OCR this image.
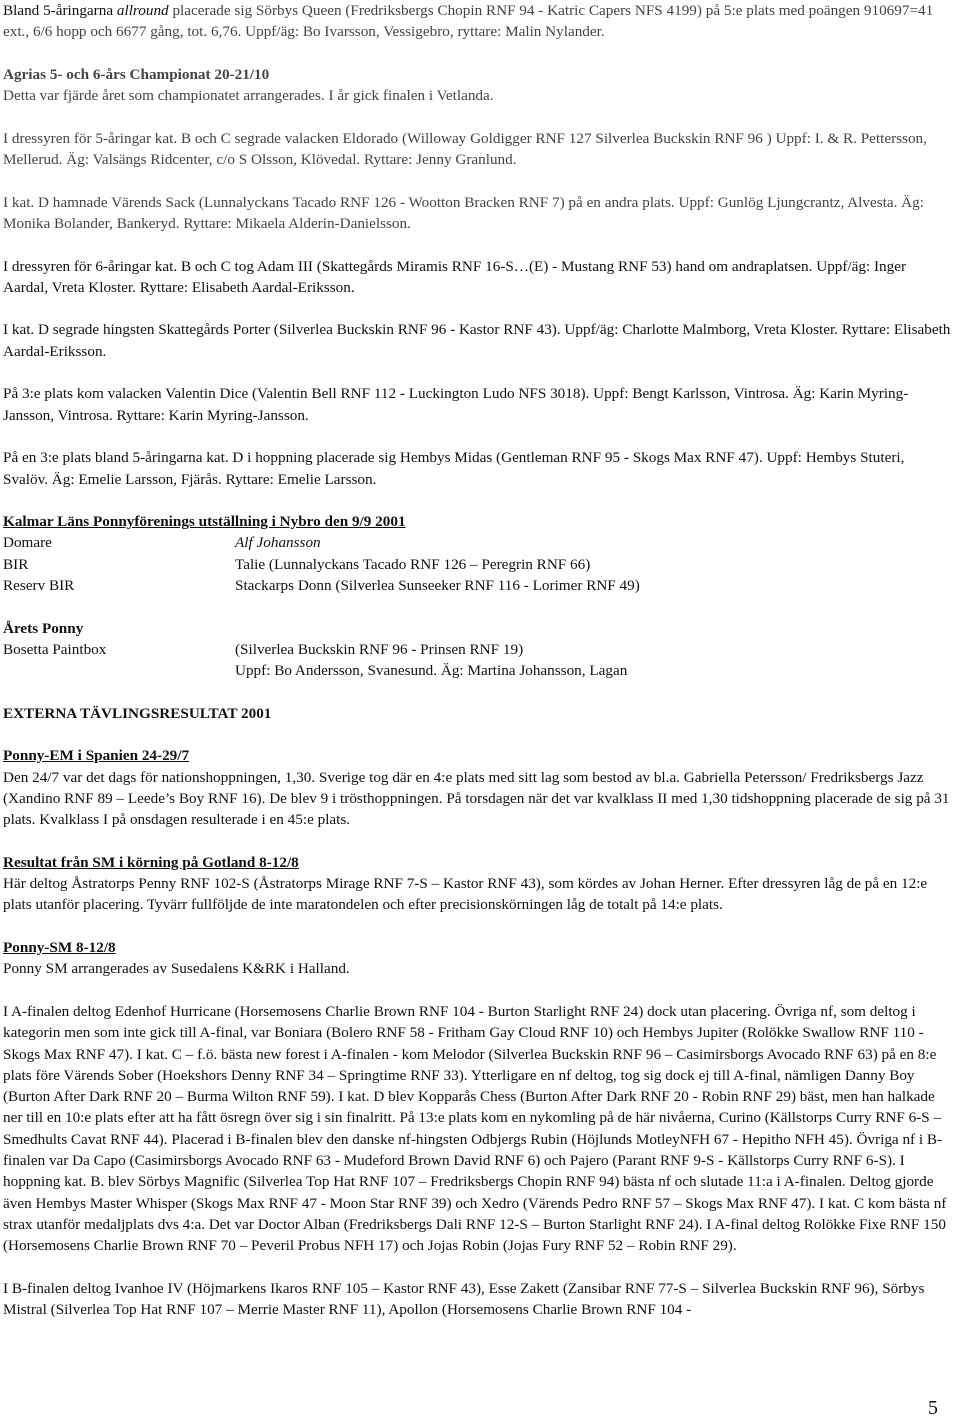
Bland 5-åringarna allround placerade sig Sörbys Queen (Fredriksbergs Chopin RNF 94 - Katric Capers NFS 4199) på 5:e plats med poängen 910697=41 ext., 6/6 hopp och 6677 gång, tot. 6,76. Uppf/äg: Bo Ivarsson, Vessigebro, ryttare: Malin Nylander.

Agrias 5- och 6-års Championat 20-21/10

Detta var fjärde året som championatet arrangerades. I år gick finalen i Vetlanda.

I dressyren för 5-åringar kat. B och C segrade valacken Eldorado (Willoway Goldigger RNF 127 Silverlea Buckskin RNF 96 ) Uppf: I. & R. Pettersson, Mellerud. Äg: Valsängs Ridcenter, c/o S Olsson, Klövedal. Ryttare: Jenny Granlund.

I kat. D hamnade Värends Sack (Lunnalyckans Tacado RNF 126 - Wootton Bracken RNF 7) på en andra plats. Uppf: Gunlög Ljungcrantz, Alvesta. Äg: Monika Bolander, Bankeryd. Ryttare: Mikaela Alderin-Danielsson.

I dressyren för 6-åringar kat. B och C tog Adam III (Skattegårds Miramis RNF 16-S…(E) - Mustang RNF 53) hand om andraplatsen. Uppf/äg: Inger Aardal, Vreta Kloster. Ryttare: Elisabeth Aardal-Eriksson.

I kat. D segrade hingsten Skattegårds Porter (Silverlea Buckskin RNF 96 - Kastor RNF 43). Uppf/äg: Charlotte Malmborg, Vreta Kloster. Ryttare: Elisabeth Aardal-Eriksson.

På 3:e plats kom valacken Valentin Dice (Valentin Bell RNF 112 - Luckington Ludo NFS 3018). Uppf: Bengt Karlsson, Vintrosa. Äg: Karin Myring-Jansson, Vintrosa. Ryttare: Karin Myring-Jansson.

På en 3:e plats bland 5-åringarna kat. D i hoppning placerade sig Hembys Midas (Gentleman RNF 95 - Skogs Max RNF 47). Uppf: Hembys Stuteri, Svalöv. Äg: Emelie Larsson, Fjärås. Ryttare: Emelie Larsson.

Kalmar Läns Ponnyförenings utställning i Nybro den 9/9 2001

Domare	Alf Johansson
BIR	Talie (Lunnalyckans Tacado RNF 126 – Peregrin RNF 66)
Reserv BIR	Stackarps Donn (Silverlea Sunseeker RNF 116 - Lorimer RNF 49)

Årets Ponny

Bosetta Paintbox	(Silverlea Buckskin RNF 96 - Prinsen RNF 19)

Uppf: Bo Andersson, Svanesund. Äg: Martina Johansson, Lagan

EXTERNA TÄVLINGSRESULTAT 2001

Ponny-EM i Spanien 24-29/7

Den 24/7 var det dags för nationshoppningen, 1,30. Sverige tog där en 4:e plats med sitt lag som bestod av bl.a. Gabriella Petersson/ Fredriksbergs Jazz (Xandino RNF 89 – Leede’s Boy RNF 16). De blev 9 i trösthoppningen. På torsdagen när det var kvalklass II med 1,30 tidshoppning placerade de sig på 31 plats. Kvalklass I på onsdagen resulterade i en 45:e plats.

Resultat från SM i körning på Gotland 8-12/8

Här deltog Åstratorps Penny RNF 102-S (Åstratorps Mirage RNF 7-S – Kastor RNF 43), som kördes av Johan Herner. Efter dressyren låg de på en 12:e plats utanför placering. Tyvärr fullföljde de inte maratondelen och efter precisionskörningen låg de totalt på 14:e plats.

Ponny-SM 8-12/8

Ponny SM arrangerades av Susedalens K&RK i Halland.

I A-finalen deltog Edenhof Hurricane (Horsemosens Charlie Brown RNF 104 - Burton Starlight RNF 24) dock utan placering. Övriga nf, som deltog i kategorin men som inte gick till A-final, var Boniara (Bolero RNF 58 - Fritham Gay Cloud RNF 10) och Hembys Jupiter (Rolökke Swallow RNF 110 - Skogs Max RNF 47). I kat. C – f.ö. bästa new forest i A-finalen - kom Melodor (Silverlea Buckskin RNF 96 – Casimirsborgs Avocado RNF 63) på en 8:e plats före Värends Sober (Hoekshors Denny RNF 34 – Springtime RNF 33). Ytterligare en nf deltog, tog sig dock ej till A-final, nämligen Danny Boy (Burton After Dark RNF 20 – Burma Wilton RNF 59). I kat. D blev Kopparås Chess (Burton After Dark RNF 20 - Robin RNF 29) bäst, men han halkade ner till en 10:e plats efter att ha fått ösregn över sig i sin finalritt. På 13:e plats kom en nykomling på de här nivåerna, Curino (Källstorps Curry RNF 6-S – Smedhults Cavat RNF 44). Placerad i B-finalen blev den danske nf-hingsten Odbjergs Rubin (Höjlunds MotleyNFH 67 - Hepitho NFH 45). Övriga nf i B-finalen var Da Capo (Casimirsborgs Avocado RNF 63 - Mudeford Brown David RNF 6) och Pajero (Parant RNF 9-S - Källstorps Curry RNF 6-S). I hoppning kat. B. blev Sörbys Magnific (Silverlea Top Hat RNF 107 – Fredriksbergs Chopin RNF 94) bästa nf och slutade 11:a i A-finalen. Deltog gjorde även Hembys Master Whisper (Skogs Max RNF 47 - Moon Star RNF 39) och Xedro (Värends Pedro RNF 57 – Skogs Max RNF 47). I kat. C kom bästa nf strax utanför medaljplats dvs 4:a. Det var Doctor Alban (Fredriksbergs Dali RNF 12-S – Burton Starlight RNF 24). I A-final deltog Rolökke Fixe RNF 150 (Horsemosens Charlie Brown RNF 70 – Peveril Probus NFH 17) och Jojas Robin (Jojas Fury RNF 52 – Robin RNF 29).

I B-finalen deltog Ivanhoe IV (Höjmarkens Ikaros RNF 105 – Kastor RNF 43), Esse Zakett (Zansibar RNF 77-S – Silverlea Buckskin RNF 96), Sörbys Mistral (Silverlea Top Hat RNF 107 – Merrie Master RNF 11), Apollon (Horsemosens Charlie Brown RNF 104 -

5
